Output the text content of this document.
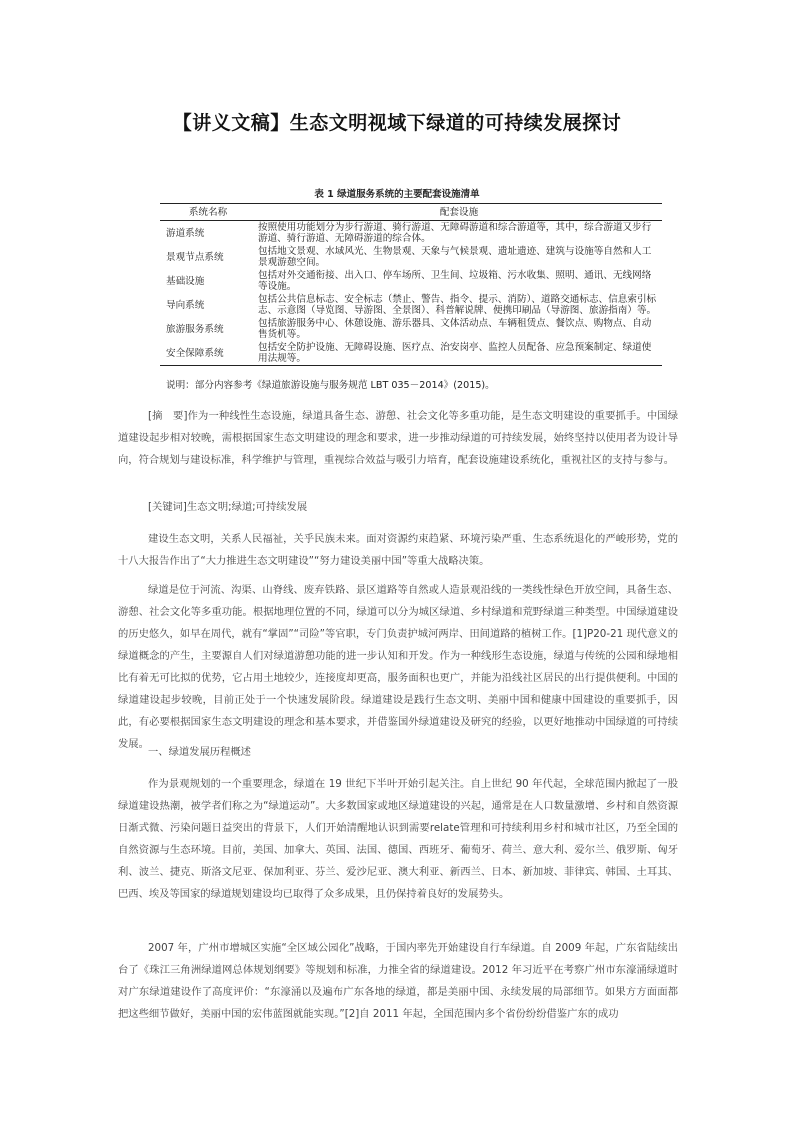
【讲义文稿】生态文明视域下绿道的可持续发展探讨
表 1 绿道服务系统的主要配套设施清单
系统名称	配套设施
游道系统	按照使用功能划分为步行游道、骑行游道、无障碍游道和综合游道等，其中，综合游道又步行游道、骑行游道、无障碍游道的综合体。
景观节点系统	包括地文景观、水域风光、生物景观、天象与气候景观、遗址遗迹、建筑与设施等自然和人工景观游憩空间。
基础设施	包括对外交通衔接、出入口、停车场所、卫生间、垃圾箱、污水收集、照明、通讯、无线网络等设施。
导向系统	包括公共信息标志、安全标志（禁止、警告、指令、提示、消防）、道路交通标志、信息索引标志、示意图（导览图、导游图、全景图）、科普解说牌、便携印刷品（导游图、旅游指南）等。
旅游服务系统	包括旅游服务中心、休憩设施、游乐器具、文体活动点、车辆租赁点、餐饮点、购物点、自动售货机等。
安全保障系统	包括安全防护设施、无障碍设施、医疗点、治安岗亭、监控人员配备、应急预案制定、绿道使用法规等。
说明：部分内容参考《绿道旅游设施与服务规范 LBT 035－2014》(2015)。

[摘　要]作为一种线性生态设施，绿道具备生态、游憩、社会文化等多重功能，是生态文明建设的重要抓手。中国绿道建设起步相对较晚，需根据国家生态文明建设的理念和要求，进一步推动绿道的可持续发展，始终坚持以使用者为设计导向，符合规划与建设标准，科学维护与管理，重视综合效益与吸引力培育，配套设施建设系统化，重视社区的支持与参与。

[关键词]生态文明;绿道;可持续发展

建设生态文明，关系人民福祉，关乎民族未来。面对资源约束趋紧、环境污染严重、生态系统退化的严峻形势，党的十八大报告作出了“大力推进生态文明建设”“努力建设美丽中国”等重大战略决策。

绿道是位于河流、沟渠、山脊线、废弃铁路、景区道路等自然或人造景观沿线的一类线性绿色开放空间，具备生态、游憩、社会文化等多重功能。根据地理位置的不同，绿道可以分为城区绿道、乡村绿道和荒野绿道三种类型。中国绿道建设的历史悠久，如早在周代，就有“掌固”“司险”等官职，专门负责护城河两岸、田间道路的植树工作。[1]P20-21 现代意义的绿道概念的产生，主要源自人们对绿道游憩功能的进一步认知和开发。作为一种线形生态设施，绿道与传统的公园和绿地相比有着无可比拟的优势，它占用土地较少，连接度却更高，服务面积也更广，并能为沿线社区居民的出行提供便利。中国的绿道建设起步较晚，目前正处于一个快速发展阶段。绿道建设是践行生态文明、美丽中国和健康中国建设的重要抓手，因此，有必要根据国家生态文明建设的理念和基本要求，并借鉴国外绿道建设及研究的经验，以更好地推动中国绿道的可持续发展。

一、绿道发展历程概述

作为景观规划的一个重要理念，绿道在 19 世纪下半叶开始引起关注。自上世纪 90 年代起，全球范围内掀起了一股绿道建设热潮，被学者们称之为“绿道运动”。大多数国家或地区绿道建设的兴起，通常是在人口数量激增、乡村和自然资源日渐式微、污染问题日益突出的背景下，人们开始清醒地认识到需要relate管理和可持续利用乡村和城市社区，乃至全国的自然资源与生态环境。目前，美国、加拿大、英国、法国、德国、西班牙、葡萄牙、荷兰、意大利、爱尔兰、俄罗斯、匈牙利、波兰、捷克、斯洛文尼亚、保加利亚、芬兰、爱沙尼亚、澳大利亚、新西兰、日本、新加坡、菲律宾、韩国、土耳其、巴西、埃及等国家的绿道规划建设均已取得了众多成果，且仍保持着良好的发展势头。

2007 年，广州市增城区实施“全区域公园化”战略，于国内率先开始建设自行车绿道。自 2009 年起，广东省陆续出台了《珠江三角洲绿道网总体规划纲要》等规划和标准，力推全省的绿道建设。2012 年习近平在考察广州市东濠涌绿道时对广东绿道建设作了高度评价：“东濠涌以及遍布广东各地的绿道，都是美丽中国、永续发展的局部细节。如果方方面面都把这些细节做好，美丽中国的宏伟蓝图就能实现。”[2]自 2011 年起，全国范围内多个省份纷纷借鉴广东的成功
